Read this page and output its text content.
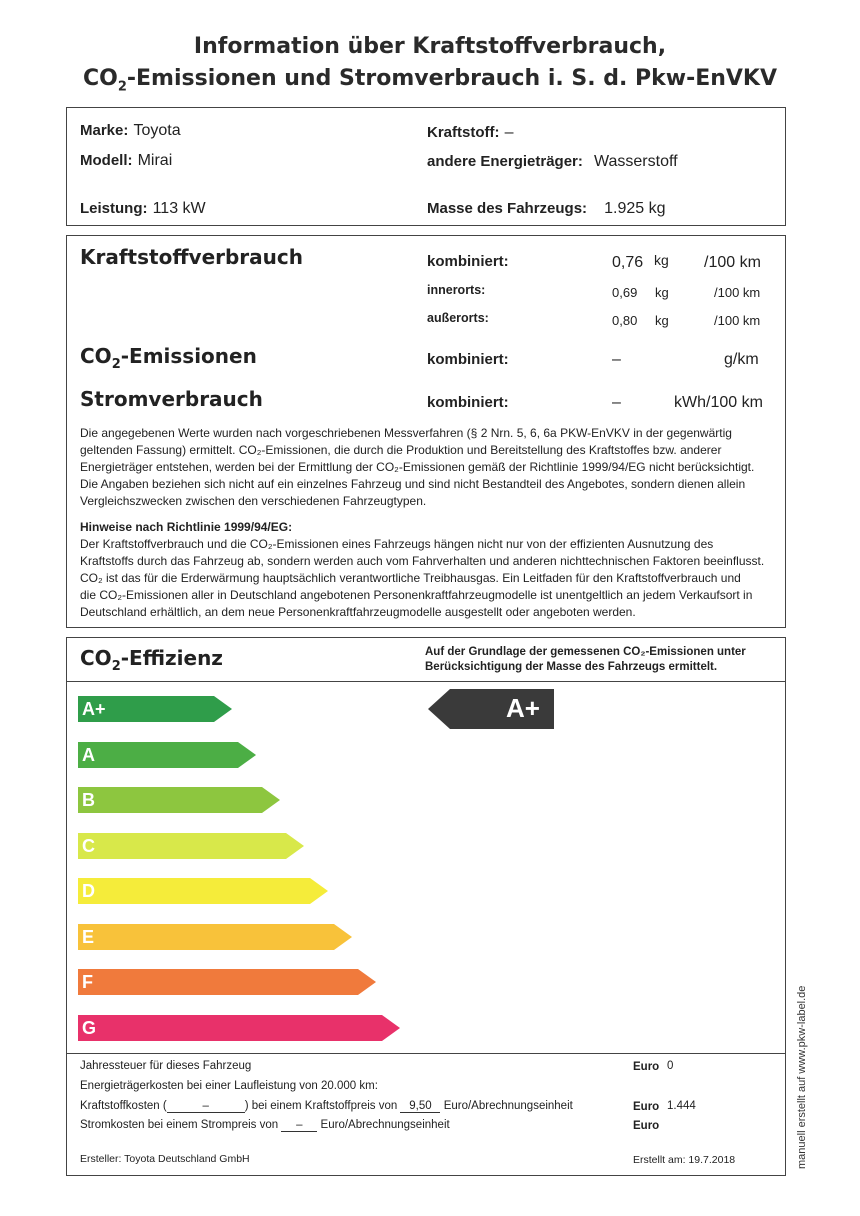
Information über Kraftstoffverbrauch,
$CO_2$-Emissionen und Stromverbrauch i. S. d. Pkw-EnVKV
Marke: Toyota
Modell: Mirai
Leistung: 113 kW
Kraftstoff: –
andere Energieträger: Wasserstoff
Masse des Fahrzeugs: 1.925 kg
Kraftstoffverbrauch	kombiniert:	0,76 kg /100 km
innerorts:	0,69 kg	/100 km
außerorts:	0,80 kg	/100 km
$CO_2$-Emissionen	kombiniert:	–	g/km
Stromverbrauch	kombiniert:	–	kWh/100 km
Die angegebenen Werte wurden nach vorgeschriebenen Messverfahren (§ 2 Nrn. 5, 6, 6a PKW-EnVKV in der gegenwärtig
geltenden Fassung) ermittelt. CO₂-Emissionen, die durch die Produktion und Bereitstellung des Kraftstoffes bzw. anderer
Energieträger entstehen, werden bei der Ermittlung der CO₂-Emissionen gemäß der Richtlinie 1999/94/EG nicht berücksichtigt.
Die Angaben beziehen sich nicht auf ein einzelnes Fahrzeug und sind nicht Bestandteil des Angebotes, sondern dienen allein
Vergleichszwecken zwischen den verschiedenen Fahrzeugtypen.
Hinweise nach Richtlinie 1999/94/EG:
Der Kraftstoffverbrauch und die CO₂-Emissionen eines Fahrzeugs hängen nicht nur von der effizienten Ausnutzung des
Kraftstoffs durch das Fahrzeug ab, sondern werden auch vom Fahrverhalten und anderen nichttechnischen Faktoren beeinflusst.
CO₂ ist das für die Erderwärmung hauptsächlich verantwortliche Treibhausgas. Ein Leitfaden für den Kraftstoffverbrauch und
die CO₂-Emissionen aller in Deutschland angebotenen Personenkraftfahrzeugmodelle ist unentgeltlich an jedem Verkaufsort in
Deutschland erhältlich, an dem neue Personenkraftfahrzeugmodelle ausgestellt oder angeboten werden.
$CO_2$-Effizienz	Auf der Grundlage der gemessenen CO₂-Emissionen unter
Berücksichtigung der Masse des Fahrzeugs ermittelt.
A+
A
B
C
D
E
F
G
A+
Jahressteuer für dieses Fahrzeug	Euro 0
Energieträgerkosten bei einer Laufleistung von 20.000 km:
Kraftstoffkosten (	–	) bei einem Kraftstoffpreis von 9,50 Euro/Abrechnungseinheit	Euro 1.444
Stromkosten bei einem Strompreis von – Euro/Abrechnungseinheit	Euro
Ersteller: Toyota Deutschland GmbH	Erstellt am: 19.7.2018	manuell erstellt auf www.pkw-label.de
